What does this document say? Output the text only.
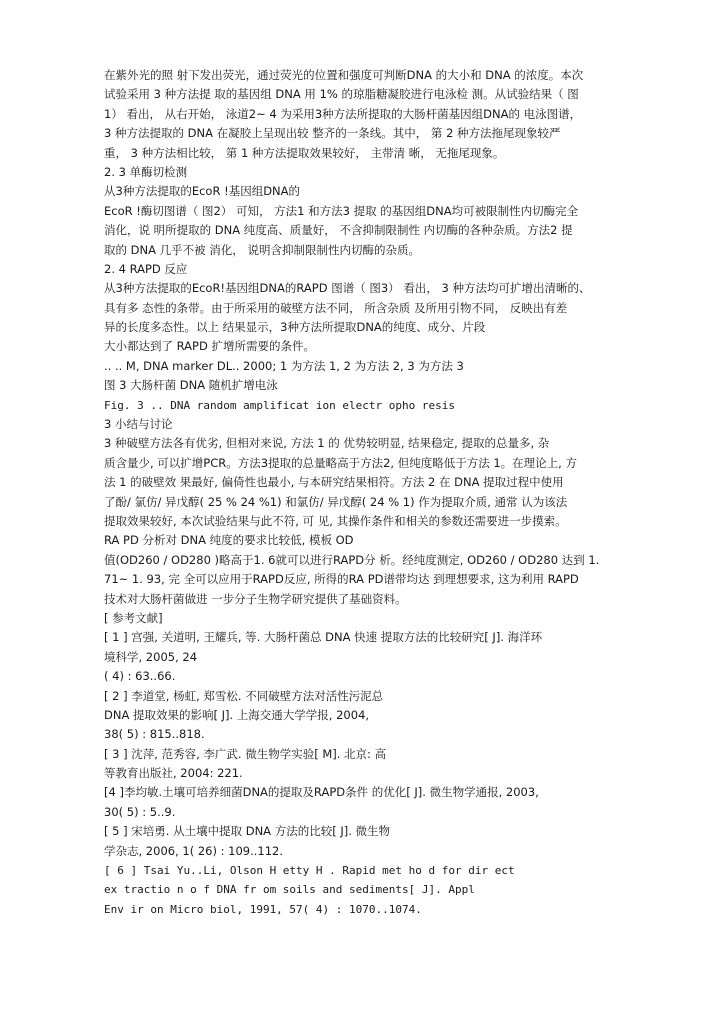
在紫外光的照 射下发出荧光，通过荧光的位置和强度可判断DNA 的大小和 DNA 的浓度。本次
试验采用 3 种方法提 取的基因组 DNA 用 1% 的琼脂糖凝胶进行电泳检 测。从试验结果（ 图
1） 看出， 从右开始， 泳道2~ 4 为采用3种方法所提取的大肠杆菌基因组DNA的 电泳图谱，
3 种方法提取的 DNA 在凝胶上呈现出较 整齐的一条线。其中， 第 2 种方法拖尾现象较严
重， 3 种方法相比较， 第 1 种方法提取效果较好， 主带清 晰， 无拖尾现象。
2. 3 单酶切检测
从3种方法提取的EcoR !基因组DNA的
EcoR !酶切图谱（ 图2） 可知， 方法1 和方法3 提取 的基因组DNA均可被限制性内切酶完全
消化，说 明所提取的 DNA 纯度高、质量好， 不含抑制限制性 内切酶的各种杂质。方法2 提
取的 DNA 几乎不被 消化， 说明含抑制限制性内切酶的杂质。
2. 4 RAPD 反应
从3种方法提取的EcoR!基因组DNA的RAPD 图谱（ 图3） 看出， 3 种方法均可扩增出清晰的、
具有多 态性的条带。由于所采用的破壁方法不同， 所含杂质 及所用引物不同， 反映出有差
异的长度多态性。以上 结果显示，3种方法所提取DNA的纯度、成分、片段
大小都达到了 RAPD 扩增所需要的条件。
.. .. M, DNA marker DL.. 2000; 1 为方法 1, 2 为方法 2, 3 为方法 3
图 3 大肠杆菌 DNA 随机扩增电泳
Fig. 3 .. DNA random amplificat ion electr opho resis
3 小结与讨论
3 种破壁方法各有优劣, 但相对来说, 方法 1 的 优势较明显, 结果稳定, 提取的总量多, 杂
质含量少, 可以扩增PCR。方法3提取的总量略高于方法2, 但纯度略低于方法 1。在理论上, 方
法 1 的破壁效 果最好, 偏倚性也最小, 与本研究结果相符。方法 2 在 DNA 提取过程中使用
了酚/ 氯仿/ 异戊醇( 25 % 24 %1) 和氯仿/ 异戊醇( 24 % 1) 作为提取介质, 通常 认为该法
提取效果较好, 本次试验结果与此不符, 可 见, 其操作条件和相关的参数还需要进一步摸索。
RA PD 分析对 DNA 纯度的要求比较低, 模板 OD
值(OD260 / OD280 )略高于1. 6就可以进行RAPD分 析。经纯度测定, OD260 / OD280 达到 1.
71~ 1. 93, 完 全可以应用于RAPD反应, 所得的RA PD谱带均达 到理想要求, 这为利用 RAPD
技术对大肠杆菌做进 一步分子生物学研究提供了基础资料。
[ 参考文献]
[ 1 ] 宫强, 关道明, 王耀兵, 等. 大肠杆菌总 DNA 快速 提取方法的比较研究[ J]. 海洋环
境科学, 2005, 24
( 4) : 63..66.
[ 2 ] 李道堂, 杨虹, 郑雪松. 不同破壁方法对活性污泥总
DNA 提取效果的影响[ J]. 上海交通大学学报, 2004,
38( 5) : 815..818.
[ 3 ] 沈萍, 范秀容, 李广武. 微生物学实验[ M]. 北京: 高
等教育出版社, 2004: 221.
[4 ]李均敏.土壤可培养细菌DNA的提取及RAPD条件 的优化[ J]. 微生物学通报, 2003,
30( 5) : 5..9.
[ 5 ] 宋培勇. 从土壤中提取 DNA 方法的比较[ J]. 微生物
学杂志, 2006, 1( 26) : 109..112.
[ 6 ] Tsai Yu..Li, Olson H etty H . Rapid met ho d for dir ect
ex tractio n o f DNA fr om soils and sediments[ J]. Appl
Env ir on Micro biol, 1991, 57( 4) : 1070..1074.
